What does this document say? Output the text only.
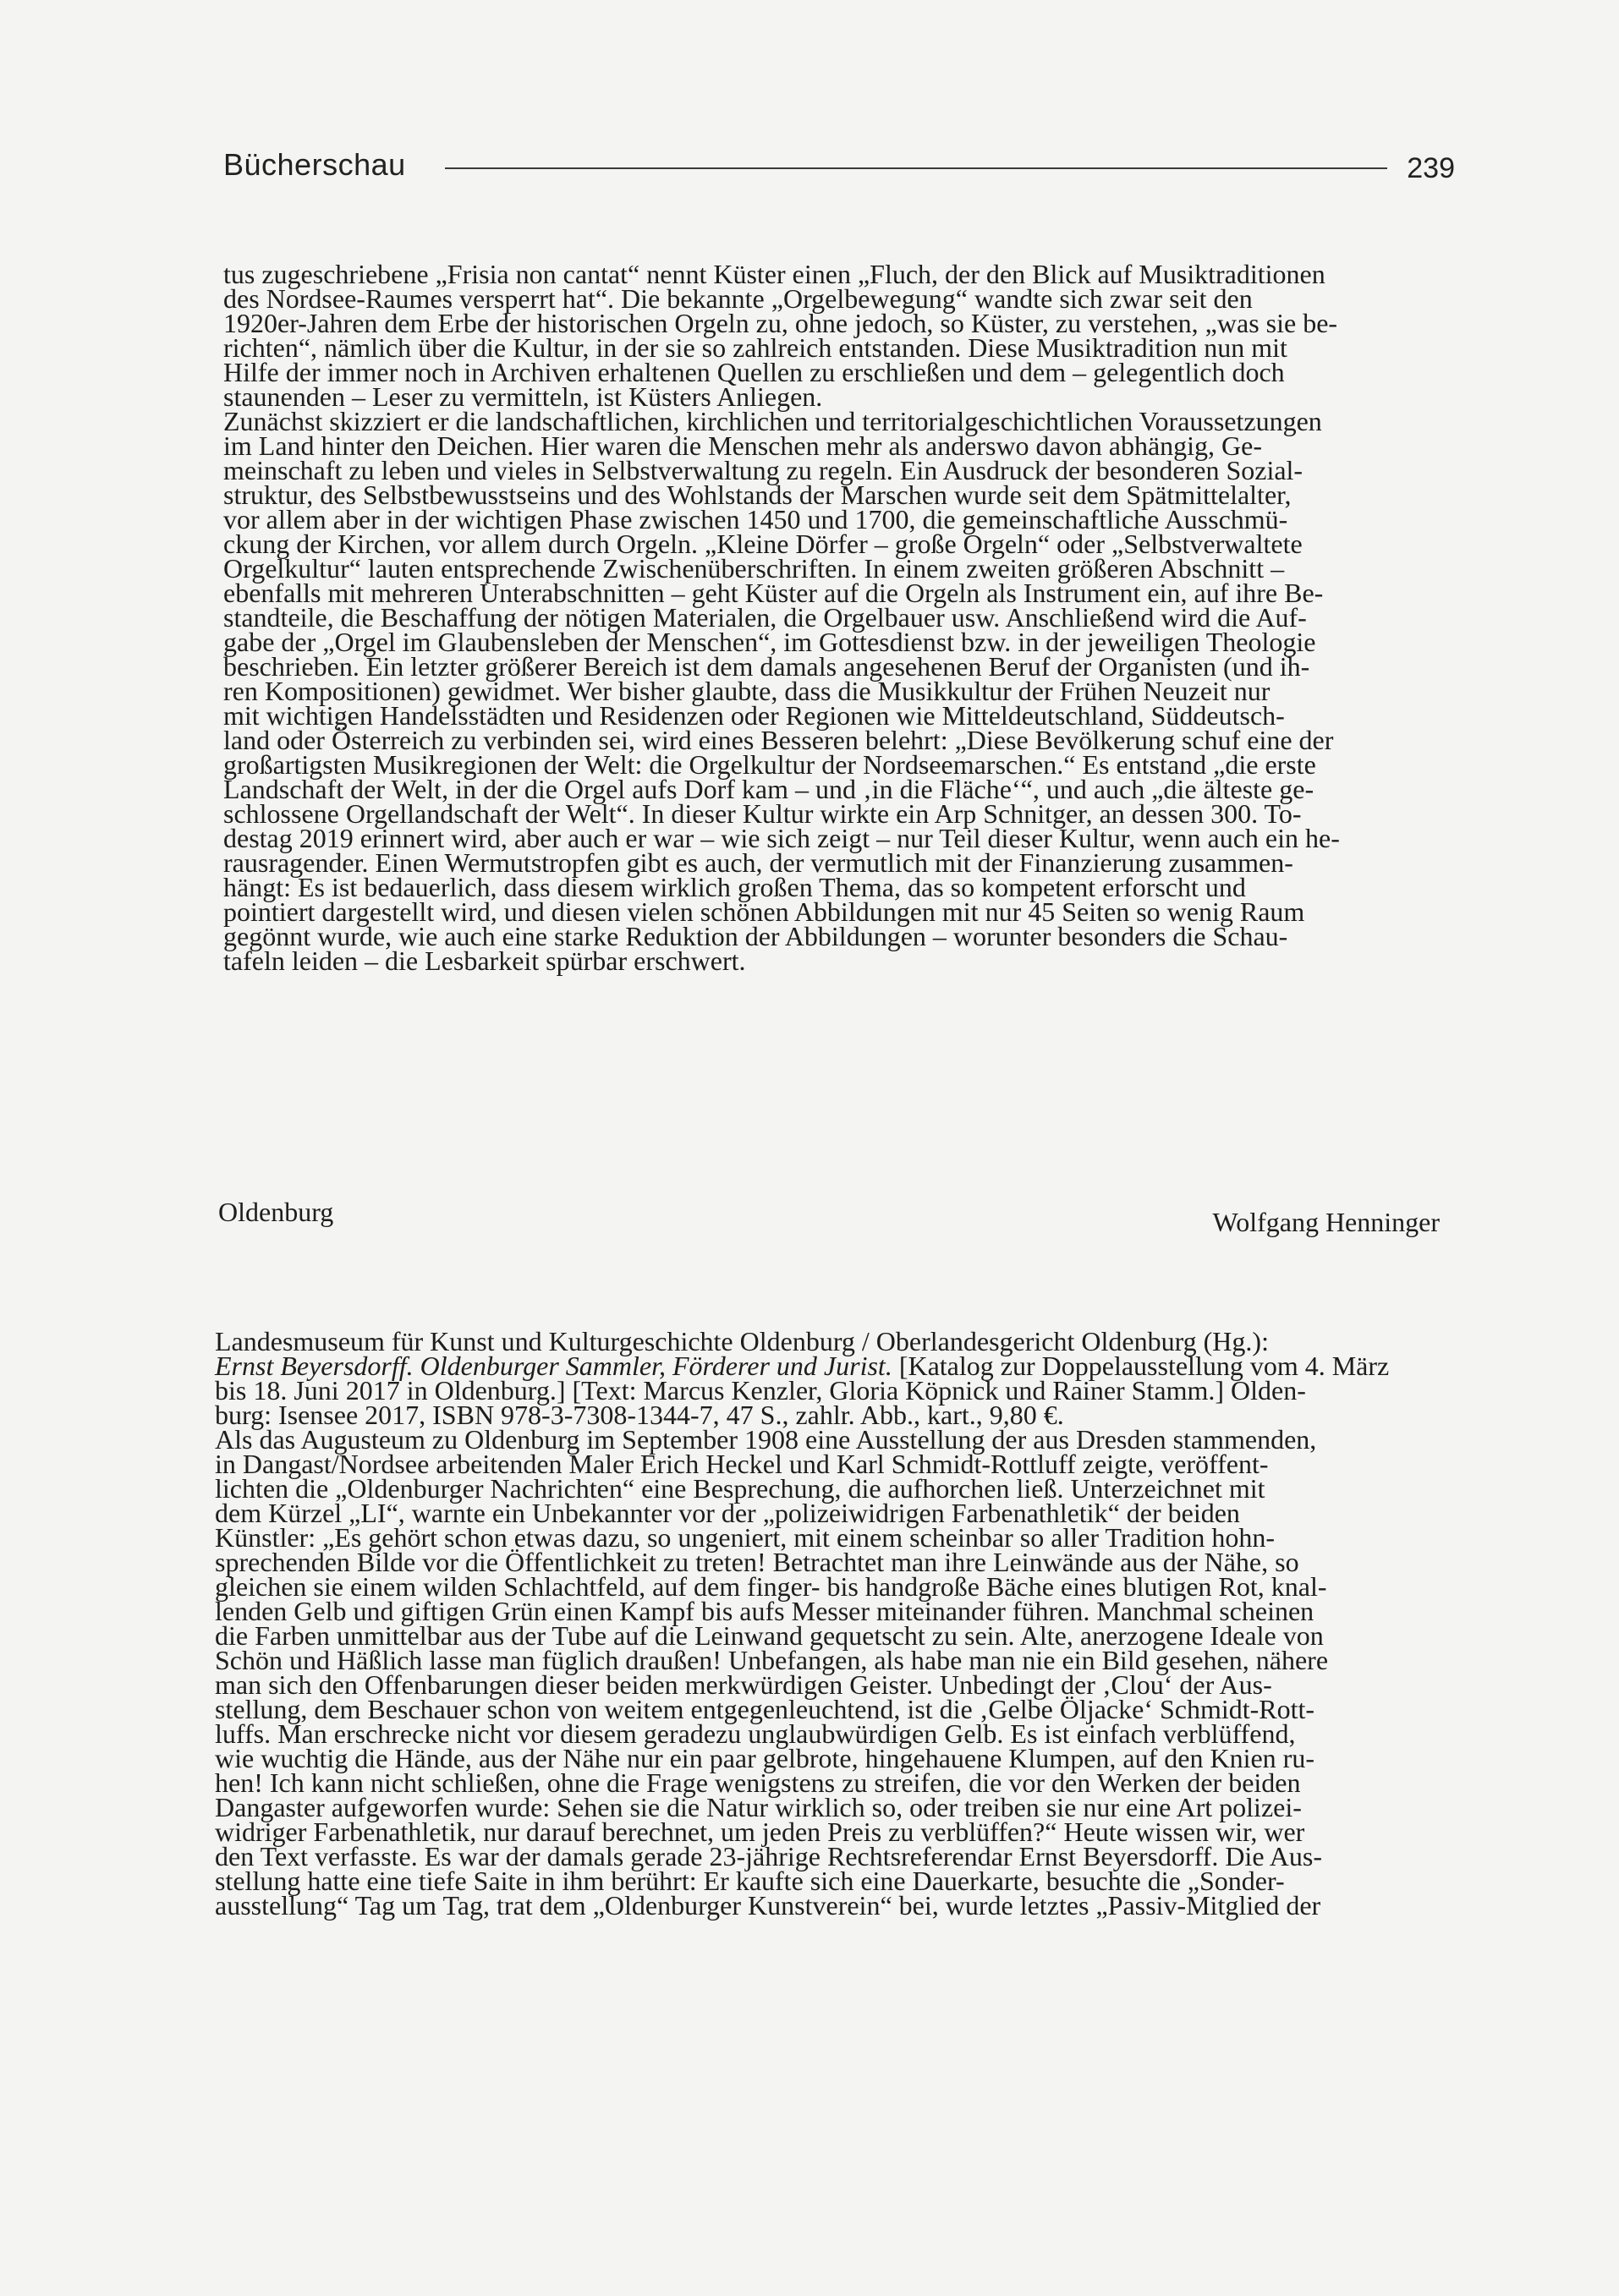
Bücherschau	239

tus zugeschriebene „Frisia non cantat“ nennt Küster einen „Fluch, der den Blick auf Musiktraditionen
des Nordsee-Raumes versperrt hat“. Die bekannte „Orgelbewegung“ wandte sich zwar seit den
1920er-Jahren dem Erbe der historischen Orgeln zu, ohne jedoch, so Küster, zu verstehen, „was sie be-
richten“, nämlich über die Kultur, in der sie so zahlreich entstanden. Diese Musiktradition nun mit
Hilfe der immer noch in Archiven erhaltenen Quellen zu erschließen und dem – gelegentlich doch
staunenden – Leser zu vermitteln, ist Küsters Anliegen.
Zunächst skizziert er die landschaftlichen, kirchlichen und territorialgeschichtlichen Voraussetzungen
im Land hinter den Deichen. Hier waren die Menschen mehr als anderswo davon abhängig, Ge-
meinschaft zu leben und vieles in Selbstverwaltung zu regeln. Ein Ausdruck der besonderen Sozial-
struktur, des Selbstbewusstseins und des Wohlstands der Marschen wurde seit dem Spätmittelalter,
vor allem aber in der wichtigen Phase zwischen 1450 und 1700, die gemeinschaftliche Ausschmü-
ckung der Kirchen, vor allem durch Orgeln. „Kleine Dörfer – große Orgeln“ oder „Selbstverwaltete
Orgelkultur“ lauten entsprechende Zwischenüberschriften. In einem zweiten größeren Abschnitt –
ebenfalls mit mehreren Unterabschnitten – geht Küster auf die Orgeln als Instrument ein, auf ihre Be-
standteile, die Beschaffung der nötigen Materialen, die Orgelbauer usw. Anschließend wird die Auf-
gabe der „Orgel im Glaubensleben der Menschen“, im Gottesdienst bzw. in der jeweiligen Theologie
beschrieben. Ein letzter größerer Bereich ist dem damals angesehenen Beruf der Organisten (und ih-
ren Kompositionen) gewidmet. Wer bisher glaubte, dass die Musikkultur der Frühen Neuzeit nur
mit wichtigen Handelsstädten und Residenzen oder Regionen wie Mitteldeutschland, Süddeutsch-
land oder Österreich zu verbinden sei, wird eines Besseren belehrt: „Diese Bevölkerung schuf eine der
großartigsten Musikregionen der Welt: die Orgelkultur der Nordseemarschen.“ Es entstand „die erste
Landschaft der Welt, in der die Orgel aufs Dorf kam – und ‚in die Fläche‘“, und auch „die älteste ge-
schlossene Orgellandschaft der Welt“. In dieser Kultur wirkte ein Arp Schnitger, an dessen 300. To-
destag 2019 erinnert wird, aber auch er war – wie sich zeigt – nur Teil dieser Kultur, wenn auch ein he-
rausragender. Einen Wermutstropfen gibt es auch, der vermutlich mit der Finanzierung zusammen-
hängt: Es ist bedauerlich, dass diesem wirklich großen Thema, das so kompetent erforscht und
pointiert dargestellt wird, und diesen vielen schönen Abbildungen mit nur 45 Seiten so wenig Raum
gegönnt wurde, wie auch eine starke Reduktion der Abbildungen – worunter besonders die Schau-
tafeln leiden – die Lesbarkeit spürbar erschwert.

Oldenburg	Wolfgang Henninger

Landesmuseum für Kunst und Kulturgeschichte Oldenburg / Oberlandesgericht Oldenburg (Hg.):
Ernst Beyersdorff. Oldenburger Sammler, Förderer und Jurist. [Katalog zur Doppelausstellung vom 4. März
bis 18. Juni 2017 in Oldenburg.] [Text: Marcus Kenzler, Gloria Köpnick und Rainer Stamm.] Olden-
burg: Isensee 2017, ISBN 978-3-7308-1344-7, 47 S., zahlr. Abb., kart., 9,80 €.

Als das Augusteum zu Oldenburg im September 1908 eine Ausstellung der aus Dresden stammenden,
in Dangast/Nordsee arbeitenden Maler Erich Heckel und Karl Schmidt-Rottluff zeigte, veröffent-
lichten die „Oldenburger Nachrichten“ eine Besprechung, die aufhorchen ließ. Unterzeichnet mit
dem Kürzel „LI“, warnte ein Unbekannter vor der „polizeiwidrigen Farbenathletik“ der beiden
Künstler: „Es gehört schon etwas dazu, so ungeniert, mit einem scheinbar so aller Tradition hohn-
sprechenden Bilde vor die Öffentlichkeit zu treten! Betrachtet man ihre Leinwände aus der Nähe, so
gleichen sie einem wilden Schlachtfeld, auf dem finger- bis handgroße Bäche eines blutigen Rot, knal-
lenden Gelb und giftigen Grün einen Kampf bis aufs Messer miteinander führen. Manchmal scheinen
die Farben unmittelbar aus der Tube auf die Leinwand gequetscht zu sein. Alte, anerzogene Ideale von
Schön und Häßlich lasse man füglich draußen! Unbefangen, als habe man nie ein Bild gesehen, nähere
man sich den Offenbarungen dieser beiden merkwürdigen Geister. Unbedingt der ‚Clou‘ der Aus-
stellung, dem Beschauer schon von weitem entgegenleuchtend, ist die ‚Gelbe Öljacke‘ Schmidt-Rott-
luffs. Man erschrecke nicht vor diesem geradezu unglaubwürdigen Gelb. Es ist einfach verblüffend,
wie wuchtig die Hände, aus der Nähe nur ein paar gelbrote, hingehauene Klumpen, auf den Knien ru-
hen! Ich kann nicht schließen, ohne die Frage wenigstens zu streifen, die vor den Werken der beiden
Dangaster aufgeworfen wurde: Sehen sie die Natur wirklich so, oder treiben sie nur eine Art polizei-
widriger Farbenathletik, nur darauf berechnet, um jeden Preis zu verblüffen?“ Heute wissen wir, wer
den Text verfasste. Es war der damals gerade 23-jährige Rechtsreferendar Ernst Beyersdorff. Die Aus-
stellung hatte eine tiefe Saite in ihm berührt: Er kaufte sich eine Dauerkarte, besuchte die „Sonder-
ausstellung“ Tag um Tag, trat dem „Oldenburger Kunstverein“ bei, wurde letztes „Passiv-Mitglied der
